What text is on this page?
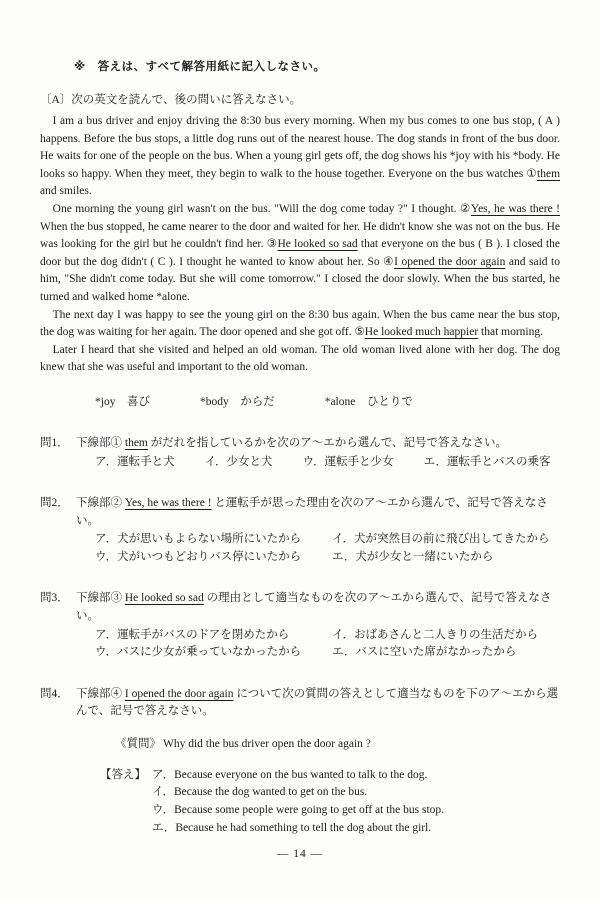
※　答えは、すべて解答用紙に記入しなさい。
〔A〕次の英文を読んで、後の問いに答えなさい。

I am a bus driver and enjoy driving the 8:30 bus every morning. When my bus comes to one bus stop, ( A ) happens. Before the bus stops, a little dog runs out of the nearest house. The dog stands in front of the bus door. He waits for one of the people on the bus. When a young girl gets off, the dog shows his *joy with his *body. He looks so happy. When they meet, they begin to walk to the house together. Everyone on the bus watches ①them and smiles.

One morning the young girl wasn't on the bus. "Will the dog come today ?" I thought. ②Yes, he was there ! When the bus stopped, he came nearer to the door and waited for her. He didn't know she was not on the bus. He was looking for the girl but he couldn't find her. ③He looked so sad that everyone on the bus ( B ). I closed the door but the dog didn't ( C ). I thought he wanted to know about her. So ④I opened the door again and said to him, "She didn't come today. But she will come tomorrow." I closed the door slowly. When the bus started, he turned and walked home *alone.

The next day I was happy to see the young girl on the 8:30 bus again. When the bus came near the bus stop, the dog was waiting for her again. The door opened and she got off. ⑤He looked much happier that morning.

Later I heard that she visited and helped an old woman. The old woman lived alone with her dog. The dog knew that she was useful and important to the old woman.

*joy　喜び	*body　からだ	*alone　ひとりで
問1． 下線部① them がだれを指しているかを次のア～エから選んで、記号で答えなさい。
ア．運転手と犬	イ．少女と犬	ウ．運転手と少女	エ．運転手とバスの乗客
問2． 下線部② Yes, he was there ! と運転手が思った理由を次のア～エから選んで、記号で答えなさい。
ア．犬が思いもよらない場所にいたから	イ．犬が突然目の前に飛び出してきたから
ウ．犬がいつもどおりバス停にいたから	エ．犬が少女と一緒にいたから
問3． 下線部③ He looked so sad の理由として適当なものを次のア～エから選んで、記号で答えなさい。
ア．運転手がバスのドアを閉めたから	イ．おばあさんと二人きりの生活だから
ウ．バスに少女が乗っていなかったから	エ．バスに空いた席がなかったから
問4． 下線部④ I opened the door again について次の質問の答えとして適当なものを下のア～エから選んで、記号で答えなさい。
《質問》 Why did the bus driver open the door again ?
【答え】 ア．Because everyone on the bus wanted to talk to the dog.
イ．Because the dog wanted to get on the bus.
ウ．Because some people were going to get off at the bus stop.
エ．Because he had something to tell the dog about the girl.
— 14 —
